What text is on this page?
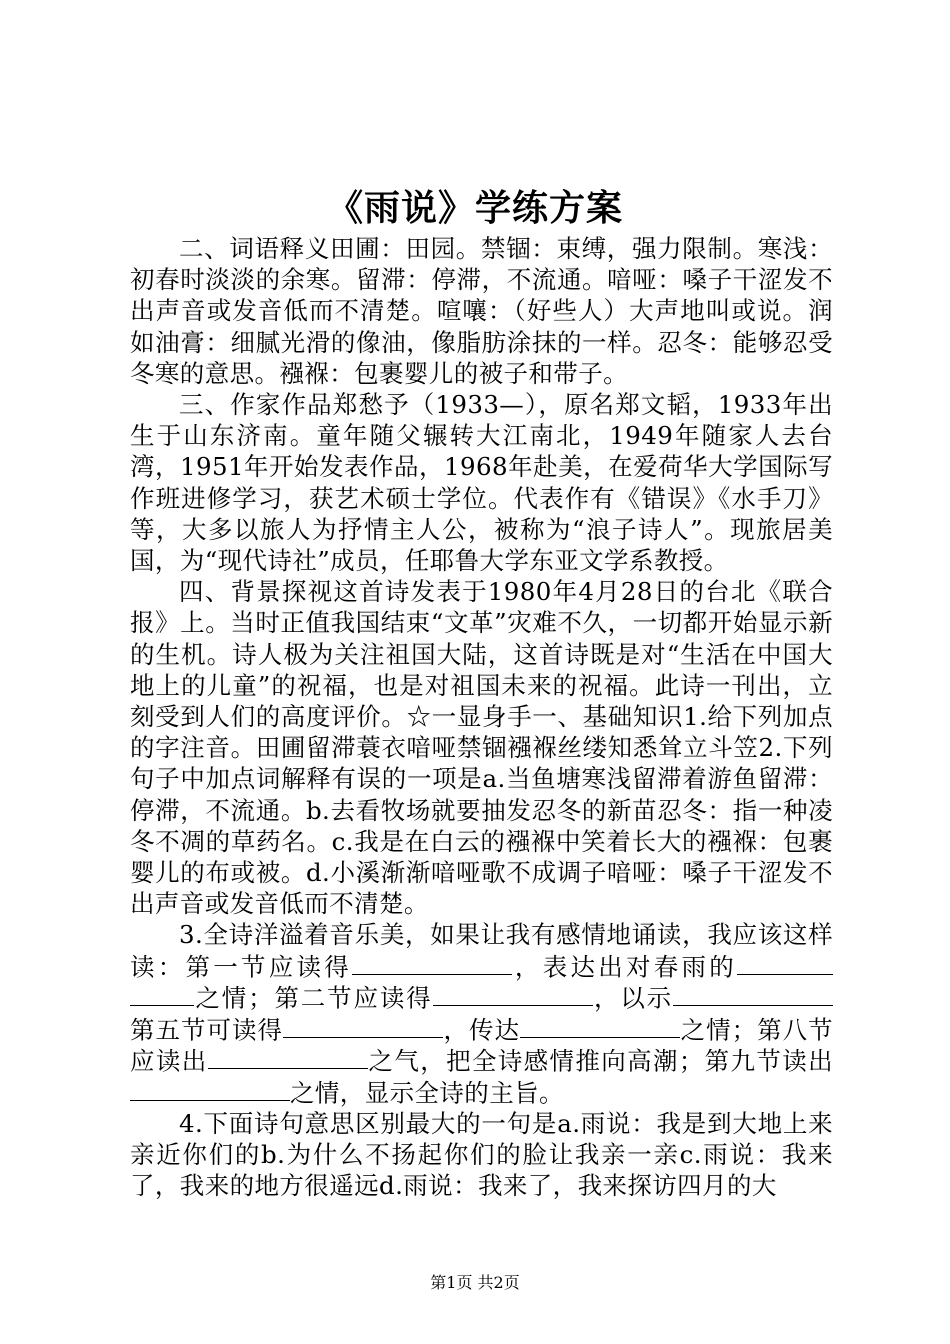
《雨说》学练方案

二、词语释义田圃：田园。禁锢：束缚，强力限制。寒浅：初春时淡淡的余寒。留滞：停滞，不流通。喑哑：嗓子干涩发不出声音或发音低而不清楚。喧嚷：（好些人）大声地叫或说。润如油膏：细腻光滑的像油，像脂肪涂抹的一样。忍冬：能够忍受冬寒的意思。襁褓：包裹婴儿的被子和带子。

三、作家作品郑愁予（1933—），原名郑文韬，1933年出生于山东济南。童年随父辗转大江南北，1949年随家人去台湾，1951年开始发表作品，1968年赴美，在爱荷华大学国际写作班进修学习，获艺术硕士学位。代表作有《错误》《水手刀》等，大多以旅人为抒情主人公，被称为“浪子诗人”。现旅居美国，为“现代诗社”成员，任耶鲁大学东亚文学系教授。

四、背景探视这首诗发表于1980年4月28日的台北《联合报》上。当时正值我国结束“文革”灾难不久，一切都开始显示新的生机。诗人极为关注祖国大陆，这首诗既是对“生活在中国大地上的儿童”的祝福，也是对祖国未来的祝福。此诗一刊出，立刻受到人们的高度评价。☆一显身手一、基础知识1.给下列加点的字注音。田圃留滞蓑衣喑哑禁锢襁褓丝缕知悉耸立斗笠2.下列句子中加点词解释有误的一项是a.当鱼塘寒浅留滞着游鱼留滞：停滞，不流通。b.去看牧场就要抽发忍冬的新苗忍冬：指一种凌冬不凋的草药名。c.我是在白云的襁褓中笑着长大的襁褓：包裹婴儿的布或被。d.小溪渐渐喑哑歌不成调子喑哑：嗓子干涩发不出声音或发音低而不清楚。

3.全诗洋溢着音乐美，如果让我有感情地诵读，我应该这样读：第一节应读得	，表达出对春雨的之情；第二节应读得	，以示第五节可读得	，传达	之情；第八节应读出	之气，把全诗感情推向高潮；第九节读出之情，显示全诗的主旨。

4.下面诗句意思区别最大的一句是a.雨说：我是到大地上来亲近你们的b.为什么不扬起你们的脸让我亲一亲c.雨说：我来了，我来的地方很遥远d.雨说：我来了，我来探访四月的大

第1页 共2页
